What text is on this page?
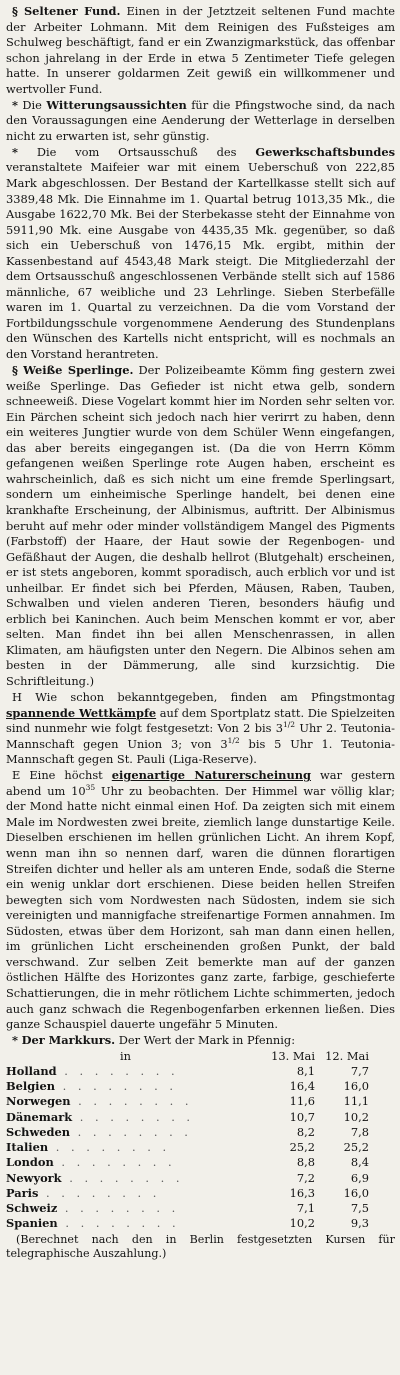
§ Seltener Fund. Einen in der Jetztzeit seltenen Fund machte der Arbeiter Lohmann. Mit dem Reinigen des Fußsteiges am Schulweg beschäftigt, fand er ein Zwanzigmarkstück, das offenbar schon jahrelang in der Erde in etwa 5 Zentimeter Tiefe gelegen hatte. In unserer goldarmen Zeit gewiß ein willkommener und wertvoller Fund.

* Die Witterungsaussichten für die Pfingstwoche sind, da nach den Voraussagungen eine Aenderung der Wetterlage in derselben nicht zu erwarten ist, sehr günstig.

* Die vom Ortsausschuß des Gewerkschaftsbundes veranstaltete Maifeier war mit einem Ueberschuß von 222,85 Mark abgeschlossen. Der Bestand der Kartellkasse stellt sich auf 3389,48 Mk. Die Einnahme im 1. Quartal betrug 1013,35 Mk., die Ausgabe 1622,70 Mk. Bei der Sterbekasse steht der Einnahme von 5911,90 Mk. eine Ausgabe von 4435,35 Mk. gegenüber, so daß sich ein Ueberschuß von 1476,15 Mk. ergibt, mithin der Kassenbestand auf 4543,48 Mark steigt. Die Mitgliederzahl der dem Ortsausschuß angeschlossenen Verbände stellt sich auf 1586 männliche, 67 weibliche und 23 Lehrlinge. Sieben Sterbefälle waren im 1. Quartal zu verzeichnen. Da die vom Vorstand der Fortbildungsschule vorgenommene Aenderung des Stundenplans den Wünschen des Kartells nicht entspricht, will es nochmals an den Vorstand herantreten.

§ Weiße Sperlinge. Der Polizeibeamte Kömm fing gestern zwei weiße Sperlinge. Das Gefieder ist nicht etwa gelb, sondern schneeweiß. Diese Vogelart kommt hier im Norden sehr selten vor. Ein Pärchen scheint sich jedoch nach hier verirrt zu haben, denn ein weiteres Jungtier wurde von dem Schüler Wenn eingefangen, das aber bereits eingegangen ist. (Da die von Herrn Kömm gefangenen weißen Sperlinge rote Augen haben, erscheint es wahrscheinlich, daß es sich nicht um eine fremde Sperlingsart, sondern um einheimische Sperlinge handelt, bei denen eine krankhafte Erscheinung, der Albinismus, auftritt. Der Albinismus beruht auf mehr oder minder vollständigem Mangel des Pigments (Farbstoff) der Haare, der Haut sowie der Regenbogen- und Gefäßhaut der Augen, die deshalb hellrot (Blutgehalt) erscheinen, er ist stets angeboren, kommt sporadisch, auch erblich vor und ist unheilbar. Er findet sich bei Pferden, Mäusen, Raben, Tauben, Schwalben und vielen anderen Tieren, besonders häufig und erblich bei Kaninchen. Auch beim Menschen kommt er vor, aber selten. Man findet ihn bei allen Menschenrassen, in allen Klimaten, am häufigsten unter den Negern. Die Albinos sehen am besten in der Dämmerung, alle sind kurzsichtig. Die Schriftleitung.)

H Wie schon bekanntgegeben, finden am Pfingstmontag spannende Wettkämpfe auf dem Sportplatz statt. Die Spielzeiten sind nunmehr wie folgt festgesetzt: Von 2 bis $3^{1/2}$ Uhr 2. Teutonia-Mannschaft gegen Union 3; von $3^{1/2}$ bis 5 Uhr 1. Teutonia-Mannschaft gegen St. Pauli (Liga-Reserve).

E Eine höchst eigenartige Naturerscheinung war gestern abend um $10^{35}$ Uhr zu beobachten. Der Himmel war völlig klar; der Mond hatte nicht einmal einen Hof. Da zeigten sich mit einem Male im Nordwesten zwei breite, ziemlich lange dunstartige Keile. Dieselben erschienen im hellen grünlichen Licht. An ihrem Kopf, wenn man ihn so nennen darf, waren die dünnen florartigen Streifen dichter und heller als am unteren Ende, sodaß die Sterne ein wenig unklar dort erschienen. Diese beiden hellen Streifen bewegten sich vom Nordwesten nach Südosten, indem sie sich vereinigten und mannigfache streifenartige Formen annahmen. Im Südosten, etwas über dem Horizont, sah man dann einen hellen, im grünlichen Licht erscheinenden großen Punkt, der bald verschwand. Zur selben Zeit bemerkte man auf der ganzen östlichen Hälfte des Horizontes ganz zarte, farbige, geschieferte Schattierungen, die in mehr rötlichem Lichte schimmerten, jedoch auch ganz schwach die Regenbogenfarben erkennen ließen. Dies ganze Schauspiel dauerte ungefähr 5 Minuten.

* Der Markkurs. Der Wert der Mark in Pfennig:
in		13. Mai	12. Mai
Holland . . . . . . . .		8,1	7,7
Belgien . . . . . . . .		16,4	16,0
Norwegen . . . . . . . .		11,6	11,1
Dänemark . . . . . . . .		10,7	10,2
Schweden . . . . . . . .		8,2	7,8
Italien . . . . . . . .		25,2	25,2
London . . . . . . . .		8,8	8,4
Newyork . . . . . . . .		7,2	6,9
Paris . . . . . . . .		16,3	16,0
Schweiz . . . . . . . .		7,1	7,5
Spanien . . . . . . . .		10,2	9,3

(Berechnet nach den in Berlin festgesetzten Kursen für telegraphische Auszahlung.)
